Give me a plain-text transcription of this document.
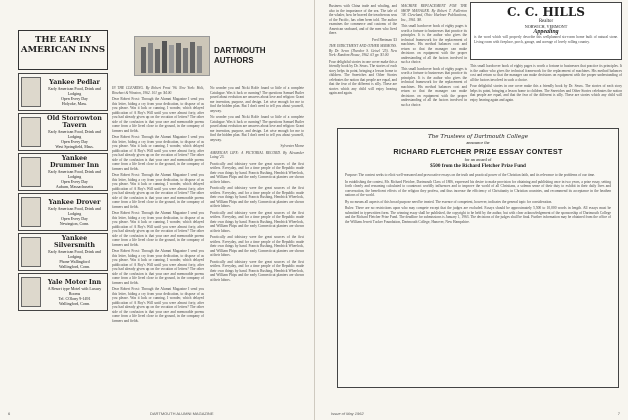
THE EARLY AMERICAN INNS
Yankee Pedlar
Early American Food, Drink and Lodging
Open Every Day
Holyoke, Mass.
Old Storrowton Tavern
Early American Food, Drink and Lodging
Open Every Day
West Springfield, Mass.
Yankee Drummer Inn
Early American Food, Drink and Lodging
Open Every Day
Auburn, Massachusetts
Yankee Drover
Early American Food, Drink and Lodging
Open Every Day
Newington, Conn.
Yankee Silversmith
Early American Food, Drink and Lodging
Phone Wallingford
Wallingford, Conn.
Yale Motor Inn
A Resort type Motel with Luxury Rooms
Tel. COlony 9-1491
Wallingford, Conn.
DARTMOUTH AUTHORS

IN THE CLEARING. By Robert Frost '96. New York: Holt, Rinehart & Winston, 1962. 101 pp. $4.00.

Dear Robert Frost: Through the Alumni Magazine I send you this letter, hiding a cry from your dedication, to dispose of as you please. Was it luck or cunning, I wonder, which delayed publication of A Boy's Will until you were almost forty, after you had already given up on the vocation of letters? The other side of the confusion is that your rare and memorable poems come from a life lived close to the ground, in the company of farmers and fields.

Dear Robert Frost: Through the Alumni Magazine I send you this letter, hiding a cry from your dedication, to dispose of as you please. Was it luck or cunning, I wonder, which delayed publication of A Boy's Will until you were almost forty, after you had already given up on the vocation of letters? The other side of the confusion is that your rare and memorable poems come from a life lived close to the ground, in the company of farmers and fields.

Dear Robert Frost: Through the Alumni Magazine I send you this letter, hiding a cry from your dedication, to dispose of as you please. Was it luck or cunning, I wonder, which delayed publication of A Boy's Will until you were almost forty, after you had already given up on the vocation of letters? The other side of the confusion is that your rare and memorable poems come from a life lived close to the ground, in the company of farmers and fields.

Dear Robert Frost: Through the Alumni Magazine I send you this letter, hiding a cry from your dedication, to dispose of as you please. Was it luck or cunning, I wonder, which delayed publication of A Boy's Will until you were almost forty, after you had already given up on the vocation of letters? The other side of the confusion is that your rare and memorable poems come from a life lived close to the ground, in the company of farmers and fields.

Dear Robert Frost: Through the Alumni Magazine I send you this letter, hiding a cry from your dedication, to dispose of as you please. Was it luck or cunning, I wonder, which delayed publication of A Boy's Will until you were almost forty, after you had already given up on the vocation of letters? The other side of the confusion is that your rare and memorable poems come from a life lived close to the ground, in the company of farmers and fields.

Dear Robert Frost: Through the Alumni Magazine I send you this letter, hiding a cry from your dedication, to dispose of as you please. Was it luck or cunning, I wonder, which delayed publication of A Boy's Will until you were almost forty, after you had already given up on the vocation of letters? The other side of the confusion is that your rare and memorable poems come from a life lived close to the ground, in the company of farmers and fields.

No wonder you and Nicki Rolfe found so little of a complete Catalogue. Was it luck or cunning? The questions Samuel Butler posed about evolution are answers about love and religion: Grant me invention, purpose, and design. Let wise enough for me to find the hidden plan. But I don't need to tell you about yourself, anyway.

No wonder you and Nicki Rolfe found so little of a complete Catalogue. Was it luck or cunning? The questions Samuel Butler posed about evolution are answers about love and religion: Grant me invention, purpose, and design. Let wise enough for me to find the hidden plan. But I don't need to tell you about yourself, anyway.

Sylvester Morse

AMERICAN LIFE: A PICTORIAL RECORD. By Alexander Laing '25.

Practically and tohistory were the great sources of the first settlers. Everyday, and for a time people of the Republic made their own things by hand. Francis Rushing, Hendrick Wheelock, and William Phips and the early Connecticut planters are shown at their labors.

Practically and tohistory were the great sources of the first settlers. Everyday, and for a time people of the Republic made their own things by hand. Francis Rushing, Hendrick Wheelock, and William Phips and the early Connecticut planters are shown at their labors.

Practically and tohistory were the great sources of the first settlers. Everyday, and for a time people of the Republic made their own things by hand. Francis Rushing, Hendrick Wheelock, and William Phips and the early Connecticut planters are shown at their labors.

Practically and tohistory were the great sources of the first settlers. Everyday, and for a time people of the Republic made their own things by hand. Francis Rushing, Hendrick Wheelock, and William Phips and the early Connecticut planters are shown at their labors.

Practically and tohistory were the great sources of the first settlers. Everyday, and for a time people of the Republic made their own things by hand. Francis Rushing, Hendrick Wheelock, and William Phips and the early Connecticut planters are shown at their labors.

6	DARTMOUTH ALUMNI MAGAZINE

Business with China trade and whaling, and also in the importance of the sea. The tale of the whaler, how he braved the treacherous seas of the Pacific, has often been told. The author examines the commerce and customs of the American seaboard, and of the men who lived there.

Fred Bertman '43

THE INDICTMENT AND OTHER SERMONS. By Dr. Sewn (Theodor S. Geisel '25). New York: Random House, 1962. 63 pp. $3.00.

Four delightful stories in one cover make this a friendly book by Dr. Seuss. The stories of each story helps its point, bringing a lesson home to children. The Sneetches and Other Stories celebrates the notion that people are equal, and that the fear of the different is silly. These are stories which any child will enjoy hearing again and again.

MACHINE REPLACEMENT FOR THE SHOP MANAGER. By Robert T. Fullerton '38. Cleveland, Ohio: Huebner Publications, Inc., 1961. $8.

This small hardcover book of eighty pages is worth a fortune to businesses that practice its principles. It is the author who gives the technical framework for the replacement of machines. His method balances cost and return so that the manager can make decisions on equipment with the proper understanding of all the factors involved in such a choice.

This small hardcover book of eighty pages is worth a fortune to businesses that practice its principles. It is the author who gives the technical framework for the replacement of machines. His method balances cost and return so that the manager can make decisions on equipment with the proper understanding of all the factors involved in such a choice.

C. C. HILLS
Realtor
NORWICH, VERMONT
Appealing
is the word which will properly describe this wellplanned six-room home built of natural stone. Living room with fireplace, porch, garage, and acreage of lovely rolling country.

This small hardcover book of eighty pages is worth a fortune to businesses that practice its principles. It is the author who gives the technical framework for the replacement of machines. His method balances cost and return so that the manager can make decisions on equipment with the proper understanding of all the factors involved in such a choice.

Four delightful stories in one cover make this a friendly book by Dr. Seuss. The stories of each story helps its point, bringing a lesson home to children. The Sneetches and Other Stories celebrates the notion that people are equal, and that the fear of the different is silly. These are stories which any child will enjoy hearing again and again.

The Trustees of Dartmouth College
announce the
RICHARD FLETCHER PRIZE ESSAY CONTEST
for an award of
$500 from the Richard Fletcher Prize Fund

Purpose: The contest seeks to elicit well-reasoned and provocative essays on the truth and practical power of the Christian faith, and its relevance to the problems of our time.

In establishing the contest, Mr. Richard Fletcher, Dartmouth Class of 1806, expressed his desire to make provision for obtaining and publishing once in two years, a prize essay, setting forth clearly and reasoning calculated to counteract worldly influences and to improve the world of all Christians, a solemn sense of their duty to exhibit in their daily lives and conversation, the beneficent effects of the religion they profess, and thus increase the efficiency of Christianity in Christian countries, and recommend its acceptance in the heathen nations of the world.

By no means all aspects of this broad purpose need be treated. The essence of competent, however, indicates the general topic for consideration.

Rules: There are no restrictions upon who may compete except that the judges are excluded. Essays should be approximately 5,500 to 10,000 words in length. All essays must be submitted in typewritten form. The winning essay shall be published, the copyright to be held by the author, but with clear acknowledgement of the sponsorship of Dartmouth College and the Richard Fletcher Prize Fund. The deadline for submissions is January 1, 1963. The decisions of the judges shall be final. Further information may be obtained from the office of the William Jewett Tucker Foundation, Dartmouth College, Hanover, New Hampshire.

Issue of May 1962	7
